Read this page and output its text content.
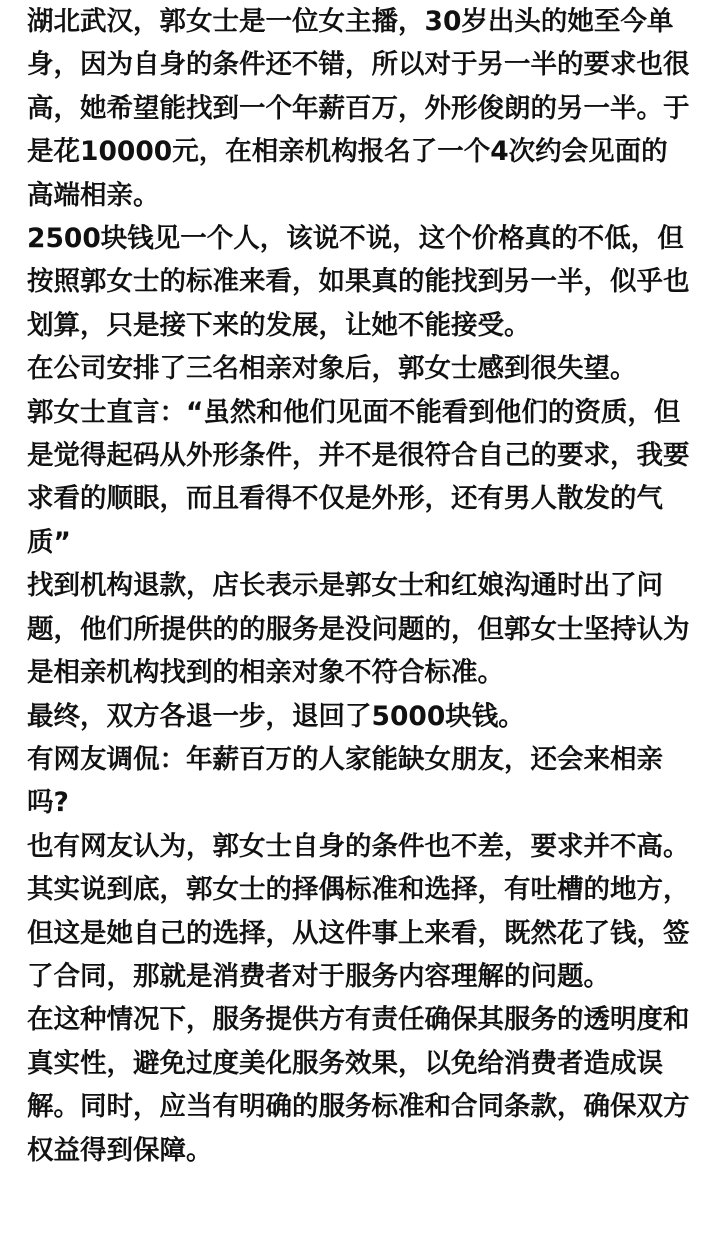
湖北武汉，郭女士是一位女主播，30岁出头的她至今单身，因为自身的条件还不错，所以对于另一半的要求也很高，她希望能找到一个年薪百万，外形俊朗的另一半。于是花10000元，在相亲机构报名了一个4次约会见面的高端相亲。

2500块钱见一个人，该说不说，这个价格真的不低，但按照郭女士的标准来看，如果真的能找到另一半，似乎也划算，只是接下来的发展，让她不能接受。

在公司安排了三名相亲对象后，郭女士感到很失望。

郭女士直言：“虽然和他们见面不能看到他们的资质，但是觉得起码从外形条件，并不是很符合自己的要求，我要求看的顺眼，而且看得不仅是外形，还有男人散发的气质”

找到机构退款，店长表示是郭女士和红娘沟通时出了问题，他们所提供的的服务是没问题的，但郭女士坚持认为是相亲机构找到的相亲对象不符合标准。

最终，双方各退一步，退回了5000块钱。

有网友调侃：年薪百万的人家能缺女朋友，还会来相亲吗?

也有网友认为，郭女士自身的条件也不差，要求并不高。

其实说到底，郭女士的择偶标准和选择，有吐槽的地方，但这是她自己的选择，从这件事上来看，既然花了钱，签了合同，那就是消费者对于服务内容理解的问题。

在这种情况下，服务提供方有责任确保其服务的透明度和真实性，避免过度美化服务效果，以免给消费者造成误解。同时，应当有明确的服务标准和合同条款，确保双方权益得到保障。
